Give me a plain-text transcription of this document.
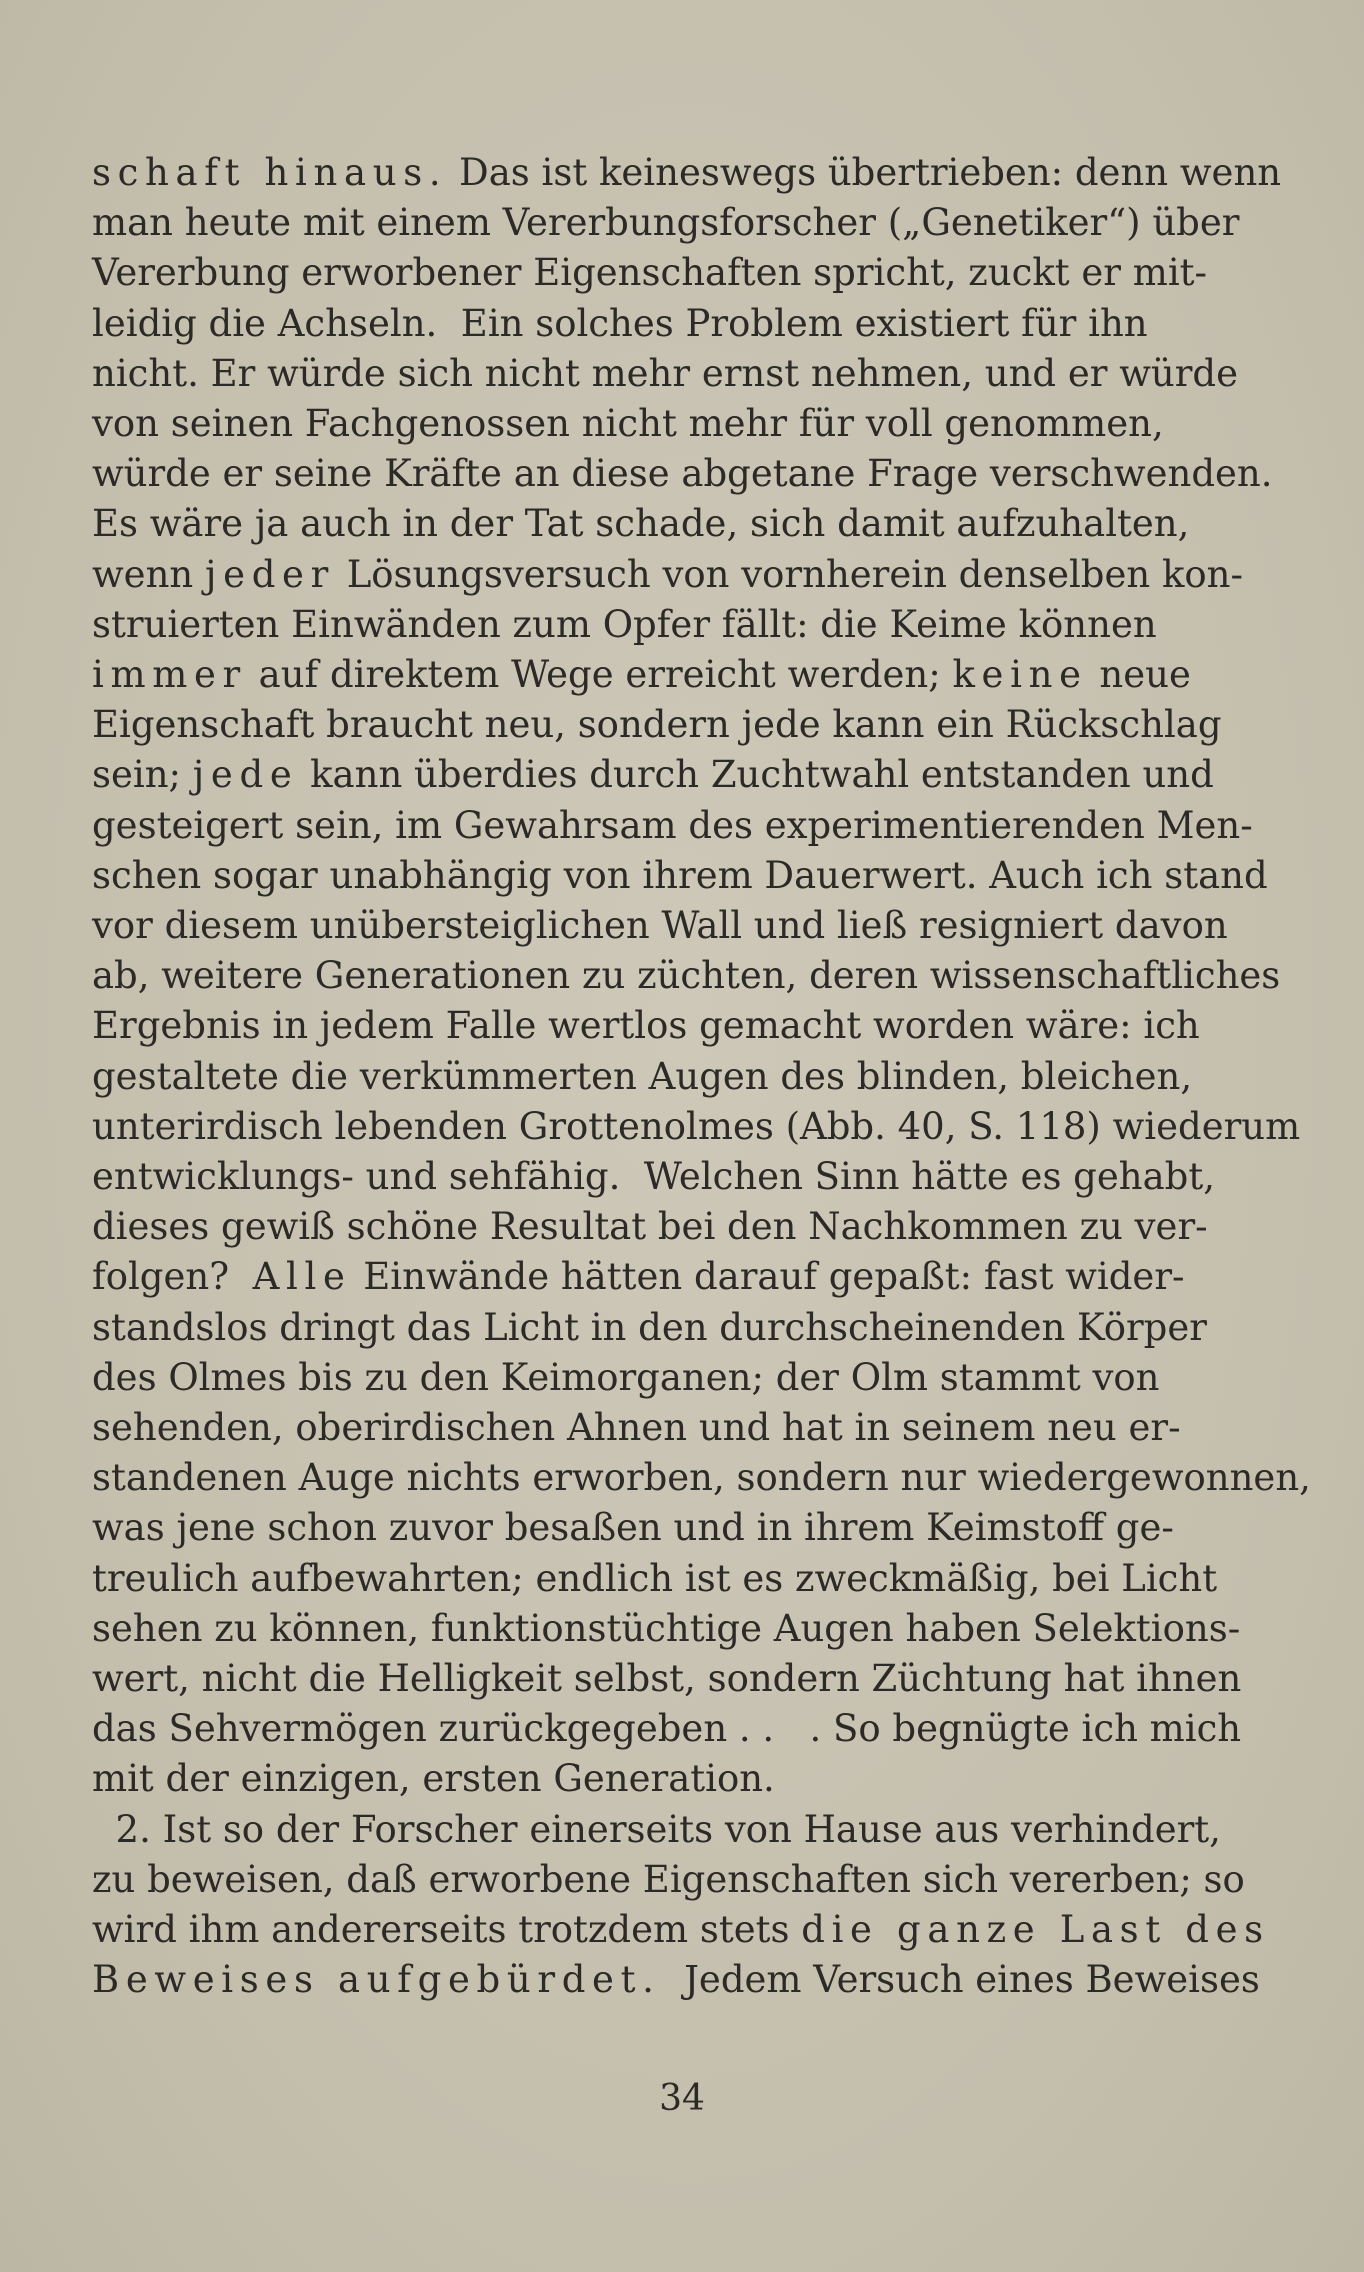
schaft hinaus. Das ist keineswegs übertrieben: denn wenn
man heute mit einem Vererbungsforscher („Genetiker“) über
Vererbung erworbener Eigenschaften spricht, zuckt er mit-
leidig die Achseln.  Ein solches Problem existiert für ihn
nicht. Er würde sich nicht mehr ernst nehmen, und er würde
von seinen Fachgenossen nicht mehr für voll genommen,
würde er seine Kräfte an diese abgetane Frage verschwenden.
Es wäre ja auch in der Tat schade, sich damit aufzuhalten,
wenn jeder Lösungsversuch von vornherein denselben kon-
struierten Einwänden zum Opfer fällt: die Keime können
immer auf direktem Wege erreicht werden; keine neue
Eigenschaft braucht neu, sondern jede kann ein Rückschlag
sein; jede kann überdies durch Zuchtwahl entstanden und
gesteigert sein, im Gewahrsam des experimentierenden Men-
schen sogar unabhängig von ihrem Dauerwert. Auch ich stand
vor diesem unübersteiglichen Wall und ließ resigniert davon
ab, weitere Generationen zu züchten, deren wissenschaftliches
Ergebnis in jedem Falle wertlos gemacht worden wäre: ich
gestaltete die verkümmerten Augen des blinden, bleichen,
unterirdisch lebenden Grottenolmes (Abb. 40, S. 118) wiederum
entwicklungs- und sehfähig.  Welchen Sinn hätte es gehabt,
dieses gewiß schöne Resultat bei den Nachkommen zu ver-
folgen?  Alle Einwände hätten darauf gepaßt: fast wider-
standslos dringt das Licht in den durchscheinenden Körper
des Olmes bis zu den Keimorganen; der Olm stammt von
sehenden, oberirdischen Ahnen und hat in seinem neu er-
standenen Auge nichts erworben, sondern nur wiedergewonnen,
was jene schon zuvor besaßen und in ihrem Keimstoff ge-
treulich aufbewahrten; endlich ist es zweckmäßig, bei Licht
sehen zu können, funktionstüchtige Augen haben Selektions-
wert, nicht die Helligkeit selbst, sondern Züchtung hat ihnen
das Sehvermögen zurückgegeben . .   . So begnügte ich mich
mit der einzigen, ersten Generation.
2. Ist so der Forscher einerseits von Hause aus verhindert,
zu beweisen, daß erworbene Eigenschaften sich vererben; so
wird ihm andererseits trotzdem stets die ganze Last des
Beweises aufgebürdet.  Jedem Versuch eines Beweises
34
